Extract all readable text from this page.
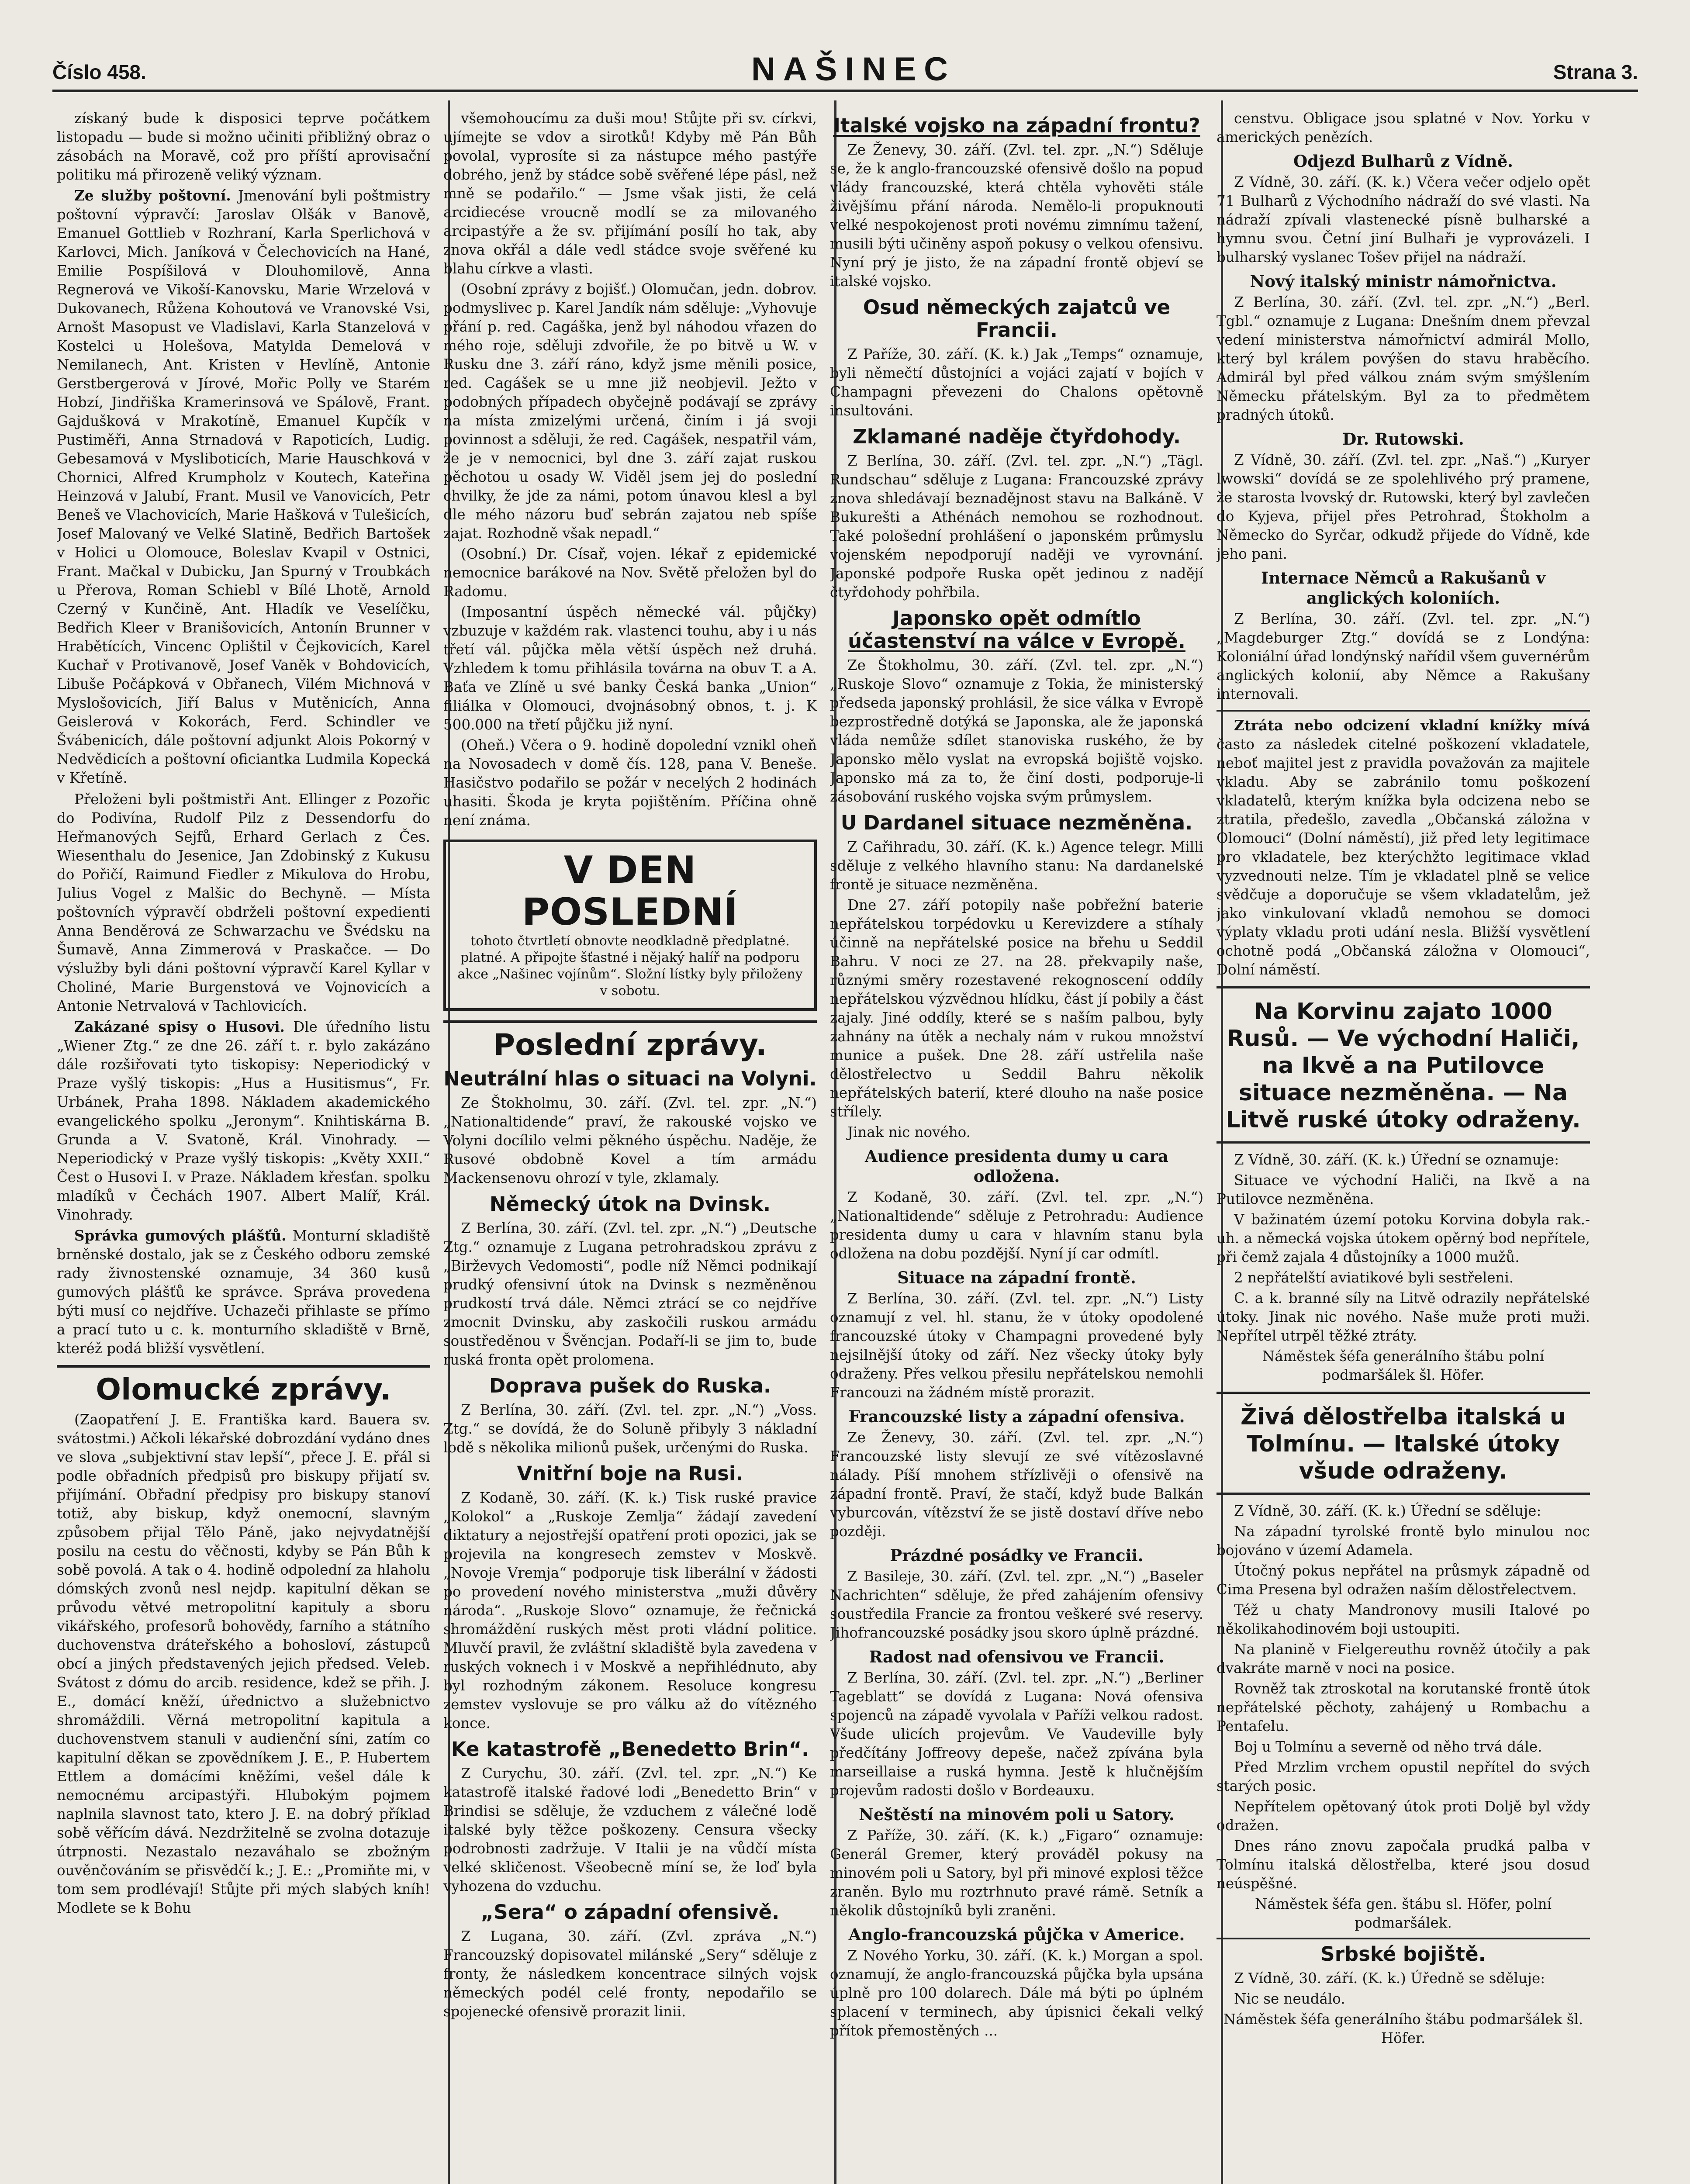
Číslo 458.	NAŠINEC	Strana 3.

získaný bude k disposici teprve počátkem listopadu — bude si možno učiniti přibližný obraz o zásobách na Moravě, což pro příští aprovisační politiku má přirozeně veliký význam.

Ze služby poštovní. Jmenování byli poštmistry poštovní výpravčí: Jaroslav Olšák v Banově, Emanuel Gottlieb v Rozhraní, Karla Sperlichová v Karlovci, Mich. Janíková v Čelechovicích na Hané, Emilie Pospíšilová v Dlouhomilově, Anna Regnerová ve Vikoší-Kanovsku, Marie Wrzelová v Dukovanech, Růžena Kohoutová ve Vranovské Vsi, Arnošt Masopust ve Vladislavi, Karla Stanzelová v Kostelci u Holešova, Matylda Demelová v Nemilanech, Ant. Kristen v Hevlíně, Antonie Gerstbergerová v Jírové, Mořic Polly ve Starém Hobzí, Jindřiška Kramerinsová ve Spálově, Frant. Gajdušková v Mrakotíně, Emanuel Kupčík v Pustiměři, Anna Strnadová v Rapoticích, Ludig. Gebesamová v Mysliboticích, Marie Hauschková v Chornici, Alfred Krumpholz v Koutech, Kateřina Heinzová v Jalubí, Frant. Musil ve Vanovicích, Petr Beneš ve Vlachovicích, Marie Hašková v Tulešicích, Josef Malovaný ve Velké Slatině, Bedřich Bartošek v Holici u Olomouce, Boleslav Kvapil v Ostnici, Frant. Mačkal v Dubicku, Jan Spurný v Troubkách u Přerova, Roman Schiebl v Bílé Lhotě, Arnold Czerný v Kunčině, Ant. Hladík ve Veselíčku, Bedřich Kleer v Branišovicích, Antonín Brunner v Hrabětících, Vincenc Oplištil v Čejkovicích, Karel Kuchař v Protivanově, Josef Vaněk v Bohdovicích, Libuše Počápková v Obřanech, Vilém Michnová v Myslošovicích, Jiří Balus v Mutěnicích, Anna Geislerová v Kokorách, Ferd. Schindler ve Švábenicích, dále poštovní adjunkt Alois Pokorný v Nedvědicích a poštovní oficiantka Ludmila Kopecká v Křetíně.

Přeloženi byli poštmistři Ant. Ellinger z Pozořic do Podivína, Rudolf Pilz z Dessendorfu do Heřmanových Sejfů, Erhard Gerlach z Čes. Wiesenthalu do Jesenice, Jan Zdobinský z Kukusu do Pořičí, Raimund Fiedler z Mikulova do Hrobu, Julius Vogel z Malšic do Bechyně. — Místa poštovních výpravčí obdrželi poštovní expedienti Anna Benděrová ze Schwarzachu ve Švédsku na Šumavě, Anna Zimmerová v Praskačce. — Do výslužby byli dáni poštovní výpravčí Karel Kyllar v Choliné, Marie Burgenstová ve Vojnovicích a Antonie Netrvalová v Tachlovicích.

Zakázané spisy o Husovi. Dle úředního listu „Wiener Ztg.“ ze dne 26. září t. r. bylo zakázáno dále rozšiřovati tyto tiskopisy: Neperiodický v Praze vyšlý tiskopis: „Hus a Husitismus“, Fr. Urbánek, Praha 1898. Nákladem akademického evangelického spolku „Jeronym“. Knihtiskárna B. Grunda a V. Svatoně, Král. Vinohrady. — Neperiodický v Praze vyšlý tiskopis: „Květy XXII.“ Čest o Husovi I. v Praze. Nákladem křesťan. spolku mladíků v Čechách 1907. Albert Malíř, Král. Vinohrady.

Správka gumových plášťů. Monturní skladiště brněnské dostalo, jak se z Českého odboru zemské rady živnostenské oznamuje, 34 360 kusů gumových plášťů ke správce. Správa provedena býti musí co nejdříve. Uchazeči přihlaste se přímo a prací tuto u c. k. monturního skladiště v Brně, kteréž podá bližší vysvětlení.

Olomucké zprávy.

(Zaopatření J. E. Františka kard. Bauera sv. svátostmi.) Ačkoli lékařské dobrozdání vydáno dnes ve slova „subjektivní stav lepší“, přece J. E. přál si podle obřadních předpisů pro biskupy přijatí sv. přijímání. Obřadní předpisy pro biskupy stanoví totiž, aby biskup, když onemocní, slavným způsobem přijal Tělo Páně, jako nejvydatnější posilu na cestu do věčnosti, kdyby se Pán Bůh k sobě povolá. A tak o 4. hodině odpolední za hlaholu dómských zvonů nesl nejdp. kapitulní děkan se průvodu větvé metropolitní kapituly a sboru vikářského, profesorů bohovědy, farního a státního duchovenstva dráteřského a bohosloví, zástupců obcí a jiných představených jejich předsed. Veleb. Svátost z dómu do arcib. residence, kdež se přih. J. E., domácí kněží, úřednictvo a služebnictvo shromáždili. Věrná metropolitní kapitula a duchovenstvem stanuli v audienční síni, zatím co kapitulní děkan se zpovědníkem J. E., P. Hubertem Ettlem a domácími kněžími, vešel dále k nemocnému arcipastýři. Hlubokým pojmem naplnila slavnost tato, ktero J. E. na dobrý příklad sobě věřícím dává. Nezdržitelně se zvolna dotazuje útrpnosti. Nezastalo nezaváhalo se zbožným ouvěnčováním se přisvědčí k.; J. E.: „Promiňte mi, v tom sem prodlévají! Stůjte při mých slabých kníh! Modlete se k Bohu

všemohoucímu za duši mou! Stůjte při sv. církvi, ujímejte se vdov a sirotků! Kdyby mě Pán Bůh povolal, vyprosíte si za nástupce mého pastýře dobrého, jenž by stádce sobě svěřené lépe pásl, než mně se podařilo.“ — Jsme však jisti, že celá arcidiecése vroucně modlí se za milovaného arcipastýře a že sv. přijímání posílí ho tak, aby znova okřál a dále vedl stádce svoje svěřené ku blahu církve a vlasti.

(Osobní zprávy z bojišť.) Olomučan, jedn. dobrov. podmyslivec p. Karel Jandík nám sděluje: „Vyhovuje přání p. red. Cagáška, jenž byl náhodou vřazen do mého roje, sděluji zdvořile, že po bitvě u W. v Rusku dne 3. září ráno, když jsme měnili posice, red. Cagášek se u mne již neobjevil. Ježto v podobných případech obyčejně podávají se zprávy na místa zmizelými určená, činím i já svoji povinnost a sděluji, že red. Cagášek, nespatřil vám, že je v nemocnici, byl dne 3. září zajat ruskou pěchotou u osady W. Viděl jsem jej do poslední chvilky, že jde za námi, potom únavou klesl a byl dle mého názoru buď sebrán zajatou neb spíše zajat. Rozhodně však nepadl.“

(Osobní.) Dr. Císař, vojen. lékař z epidemické nemocnice barákové na Nov. Světě přeložen byl do Radomu.

(Imposantní úspěch německé vál. půjčky) vzbuzuje v každém rak. vlastenci touhu, aby i u nás třetí vál. půjčka měla větší úspěch než druhá. Vzhledem k tomu přihlásila továrna na obuv T. a A. Baťa ve Zlíně u své banky Česká banka „Union“ filiálka v Olomouci, dvojnásobný obnos, t. j. K 500.000 na třetí půjčku již nyní.

(Oheň.) Včera o 9. hodině dopolední vznikl oheň na Novosadech v domě čís. 128, pana V. Beneše. Hasičstvo podařilo se požár v necelých 2 hodinách uhasiti. Škoda je kryta pojištěním. Příčina ohně není známa.

V DEN POSLEDNÍ
tohoto čtvrtletí obnovte neodkladně předplatné.
platné. A připojte šťastné i nějaký halíř na podporu akce „Našinec vojínům“. Složní lístky byly přiloženy v sobotu.
Poslední zprávy.
Neutrální hlas o situaci na Volyni.

Ze Štokholmu, 30. září. (Zvl. tel. zpr. „N.“) „Nationaltidende“ praví, že rakouské vojsko ve Volyni docílilo velmi pěkného úspěchu. Naděje, že Rusové obdobně Kovel a tím armádu Mackensenovu ohrozí v tyle, zklamaly.

Německý útok na Dvinsk.

Z Berlína, 30. září. (Zvl. tel. zpr. „N.“) „Deutsche Ztg.“ oznamuje z Lugana petrohradskou zprávu z „Birževych Vedomosti“, podle níž Němci podnikají prudký ofensivní útok na Dvinsk s nezměněnou prudkostí trvá dále. Němci ztrácí se co nejdříve zmocnit Dvinsku, aby zaskočili ruskou armádu soustředěnou v Švěncjan. Podaří-li se jim to, bude ruská fronta opět prolomena.

Doprava pušek do Ruska.

Z Berlína, 30. září. (Zvl. tel. zpr. „N.“) „Voss. Ztg.“ se dovídá, že do Soluně přibyly 3 nákladní lodě s několika milionů pušek, určenými do Ruska.

Vnitřní boje na Rusi.

Z Kodaně, 30. září. (K. k.) Tisk ruské pravice „Kolokol“ a „Ruskoje Zemlja“ žádají zavedení diktatury a nejostřejší opatření proti opozici, jak se projevila na kongresech zemstev v Moskvě. „Novoje Vremja“ podporuje tisk liberální v žádosti po provedení nového ministerstva „muži důvěry národa“. „Ruskoje Slovo“ oznamuje, že řečnická shromáždění ruských měst proti vládní politice. Mluvčí pravil, že zvláštní skladiště byla zavedena v ruských voknech i v Moskvě a nepřihlédnuto, aby byl rozhodným zákonem. Resoluce kongresu zemstev vyslovuje se pro válku až do vítězného konce.

Ke katastrofě „Benedetto Brin“.

Z Curychu, 30. září. (Zvl. tel. zpr. „N.“) Ke katastrofě italské řadové lodi „Benedetto Brin“ v Brindisi se sděluje, že vzduchem z válečné lodě italské byly těžce poškozeny. Censura všecky podrobnosti zadržuje. V Italii je na vůdčí místa velké skličenost. Všeobecně míní se, že loď byla vyhozena do vzduchu.

„Sera“ o západní ofensivě.

Z Lugana, 30. září. (Zvl. zpráva „N.“) Francouzský dopisovatel milánské „Sery“ sděluje z fronty, že následkem koncentrace silných vojsk německých podél celé fronty, nepodařilo se spojenecké ofensivě prorazit linii.

Italské vojsko na západní frontu?

Ze Ženevy, 30. září. (Zvl. tel. zpr. „N.“) Sděluje se, že k anglo-francouzské ofensivě došlo na popud vlády francouzské, která chtěla vyhověti stále živějšímu přání národa. Nemělo-li propuknouti velké nespokojenost proti novému zimnímu tažení, musili býti učiněny aspoň pokusy o velkou ofensivu. Nyní prý je jisto, že na západní frontě objeví se italské vojsko.

Osud německých zajatců ve Francii.

Z Paříže, 30. září. (K. k.) Jak „Temps“ oznamuje, byli němečtí důstojníci a vojáci zajatí v bojích v Champagni převezeni do Chalons opětovně insultováni.

Zklamané naděje čtyřdohody.

Z Berlína, 30. září. (Zvl. tel. zpr. „N.“) „Tägl. Rundschau“ sděluje z Lugana: Francouzské zprávy znova shledávají beznadějnost stavu na Balkáně. V Bukurešti a Athénách nemohou se rozhodnout. Také pološední prohlášení o japonském průmyslu vojenském nepodporují naději ve vyrovnání. Japonské podpoře Ruska opět jedinou z nadějí čtyřdohody pohřbila.

Japonsko opět odmítlo účastenství na válce v Evropě.

Ze Štokholmu, 30. září. (Zvl. tel. zpr. „N.“) „Ruskoje Slovo“ oznamuje z Tokia, že ministerský předseda japonský prohlásil, že sice válka v Evropě bezprostředně dotýká se Japonska, ale že japonská vláda nemůže sdílet stanoviska ruského, že by Japonsko mělo vyslat na evropská bojiště vojsko. Japonsko má za to, že činí dosti, podporuje-li zásobování ruského vojska svým průmyslem.

U Dardanel situace nezměněna.

Z Cařihradu, 30. září. (K. k.) Agence telegr. Milli sděluje z velkého hlavního stanu: Na dardanelské frontě je situace nezměněna.

Dne 27. září potopily naše pobřežní baterie nepřátelskou torpédovku u Kerevizdere a stíhaly účinně na nepřátelské posice na břehu u Seddil Bahru. V noci ze 27. na 28. překvapily naše, různými směry rozestavené rekognoscení oddíly nepřátelskou výzvědnou hlídku, část jí pobily a část zajaly. Jiné oddíly, které se s naším palbou, byly zahnány na útěk a nechaly nám v rukou množství munice a pušek. Dne 28. září ustřelila naše dělostřelectvo u Seddil Bahru několik nepřátelských baterií, které dlouho na naše posice střílely.

Jinak nic nového.

Audience presidenta dumy u cara odložena.

Z Kodaně, 30. září. (Zvl. tel. zpr. „N.“) „Nationaltidende“ sděluje z Petrohradu: Audience presidenta dumy u cara v hlavním stanu byla odložena na dobu pozdější. Nyní jí car odmítl.

Situace na západní frontě.

Z Berlína, 30. září. (Zvl. tel. zpr. „N.“) Listy oznamují z vel. hl. stanu, že v útoky opodolené francouzské útoky v Champagni provedené byly nejsilnější útoky od září. Nez všecky útoky byly odraženy. Přes velkou přesilu nepřátelskou nemohli Francouzi na žádném místě prorazit.

Francouzské listy a západní ofensiva.

Ze Ženevy, 30. září. (Zvl. tel. zpr. „N.“) Francouzské listy slevují ze své vítězoslavné nálady. Píší mnohem střízlivěji o ofensivě na západní frontě. Praví, že stačí, když bude Balkán vyburcován, vítězství že se jistě dostaví dříve nebo později.

Prázdné posádky ve Francii.

Z Basileje, 30. září. (Zvl. tel. zpr. „N.“) „Baseler Nachrichten“ sděluje, že před zahájením ofensivy soustředila Francie za frontou veškeré své reservy. Jihofrancouzské posádky jsou skoro úplně prázdné.

Radost nad ofensivou ve Francii.

Z Berlína, 30. září. (Zvl. tel. zpr. „N.“) „Berliner Tageblatt“ se dovídá z Lugana: Nová ofensiva spojenců na západě vyvolala v Paříži velkou radost. Všude ulicích projevům. Ve Vaudeville byly předčítány Joffreovy depeše, načež zpívána byla marseillaise a ruská hymna. Jestě k hlučnějším projevům radosti došlo v Bordeauxu.

Neštěstí na minovém poli u Satory.

Z Paříže, 30. září. (K. k.) „Figaro“ oznamuje: Generál Gremer, který prováděl pokusy na minovém poli u Satory, byl při minové explosi těžce zraněn. Bylo mu roztrhnuto pravé rámě. Setník a několik důstojníků byli zraněni.

Anglo-francouzská půjčka v Americe.

Z Nového Yorku, 30. září. (K. k.) Morgan a spol. oznamují, že anglo-francouzská půjčka byla upsána úplně pro 100 dolarech. Dále má býti po úplném splacení v terminech, aby úpisnici čekali velký přítok přemostěných ...

censtvu. Obligace jsou splatné v Nov. Yorku v amerických penězích.

Odjezd Bulharů z Vídně.

Z Vídně, 30. září. (K. k.) Včera večer odjelo opět 71 Bulharů z Východního nádraží do své vlasti. Na nádraží zpívali vlastenecké písně bulharské a hymnu svou. Četní jiní Bulhaři je vyprovázeli. I bulharský vyslanec Tošev přijel na nádraží.

Nový italský ministr námořnictva.

Z Berlína, 30. září. (Zvl. tel. zpr. „N.“) „Berl. Tgbl.“ oznamuje z Lugana: Dnešním dnem převzal vedení ministerstva námořnictví admirál Mollo, který byl králem povýšen do stavu hraběcího. Admirál byl před válkou znám svým smýšlením Německu přátelským. Byl za to předmětem pradných útoků.

Dr. Rutowski.

Z Vídně, 30. září. (Zvl. tel. zpr. „Naš.“) „Kuryer lwowski“ dovídá se ze spolehlivého prý pramene, že starosta lvovský dr. Rutowski, který byl zavlečen do Kyjeva, přijel přes Petrohrad, Štokholm a Německo do Syrčar, odkudž přijede do Vídně, kde jeho pani.

Internace Němců a Rakušanů v anglických koloniích.

Z Berlína, 30. září. (Zvl. tel. zpr. „N.“) „Magdeburger Ztg.“ dovídá se z Londýna: Koloniální úřad londýnský nařídil všem guvernérům anglických kolonií, aby Němce a Rakušany internovali.

Ztráta nebo odcizení vkladní knížky mívá často za následek citelné poškození vkladatele, neboť majitel jest z pravidla považován za majitele vkladu. Aby se zabránilo tomu poškození vkladatelů, kterým knížka byla odcizena nebo se ztratila, předešlo, zavedla „Občanská záložna v Olomouci“ (Dolní náměstí), již před lety legitimace pro vkladatele, bez kterýchžto legitimace vklad vyzvednouti nelze. Tím je vkladatel plně se velice svědčuje a doporučuje se všem vkladatelům, jež jako vinkulovaní vkladů nemohou se domoci výplaty vkladu proti udání nesla. Bližší vysvětlení ochotně podá „Občanská záložna v Olomouci“, Dolní náměstí.

Na Korvinu zajato 1000 Rusů. — Ve východní Haliči, na Ikvě a na Putilovce situace nezměněna. — Na Litvě ruské útoky odraženy.

Z Vídně, 30. září. (K. k.) Úřední se oznamuje:

Situace ve východní Haliči, na Ikvě a na Putilovce nezměněna.

V bažinatém území potoku Korvina dobyla rak.-uh. a německá vojska útokem opěrný bod nepřítele, při čemž zajala 4 důstojníky a 1000 mužů.

2 nepřátelští aviatikové byli sestřeleni.

C. a k. branné síly na Litvě odrazily nepřátelské útoky. Jinak nic nového. Naše muže proti muži. Nepřítel utrpěl těžké ztráty.

Náměstek šéfa generálního štábu polní podmaršálek šl. Höfer.

Živá dělostřelba italská u Tolmínu. — Italské útoky všude odraženy.

Z Vídně, 30. září. (K. k.) Úřední se sděluje:

Na západní tyrolské frontě bylo minulou noc bojováno v území Adamela.

Útočný pokus nepřátel na průsmyk západně od Cima Presena byl odražen naším dělostřelectvem.

Též u chaty Mandronovy musili Italové po několikahodinovém boji ustoupiti.

Na planině v Fielgereuthu rovněž útočily a pak dvakráte marně v noci na posice.

Rovněž tak ztroskotal na korutanské frontě útok nepřátelské pěchoty, zahájený u Rombachu a Pentafelu.

Boj u Tolmínu a severně od něho trvá dále.

Před Mrzlim vrchem opustil nepřítel do svých starých posic.

Nepřítelem opětovaný útok proti Doljě byl vždy odražen.

Dnes ráno znovu započala prudká palba v Tolmínu italská dělostřelba, které jsou dosud neúspěšné.

Náměstek šéfa gen. štábu sl. Höfer, polní podmaršálek.

Srbské bojiště.

Z Vídně, 30. září. (K. k.) Úředně se sděluje:

Nic se neudálo.

Náměstek šéfa generálního štábu podmaršálek šl. Höfer.
